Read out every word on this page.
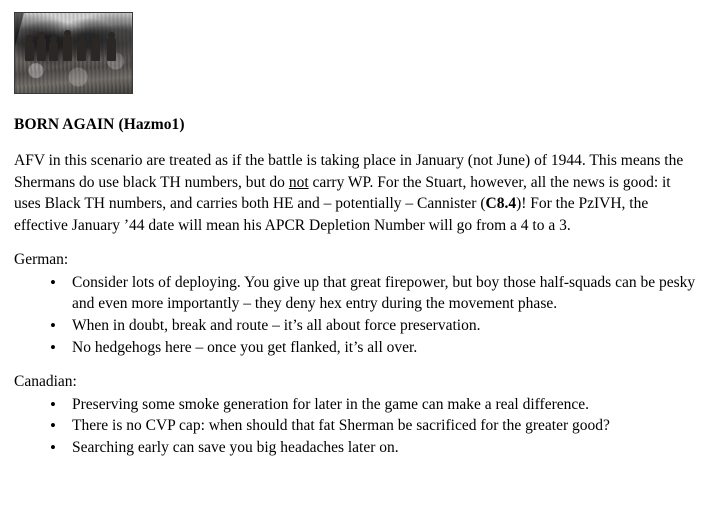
BORN AGAIN (Hazmo1)

AFV in this scenario are treated as if the battle is taking place in January (not June) of 1944. This means the Shermans do use black TH numbers, but do not carry WP. For the Stuart, however, all the news is good: it uses Black TH numbers, and carries both HE and – potentially – Cannister (C8.4)! For the PzIVH, the effective January ’44 date will mean his APCR Depletion Number will go from a 4 to a 3.

German:

• Consider lots of deploying. You give up that great firepower, but boy those half-squads can be pesky and even more importantly – they deny hex entry during the movement phase.
• When in doubt, break and route – it’s all about force preservation.
• No hedgehogs here – once you get flanked, it’s all over.

Canadian:

• Preserving some smoke generation for later in the game can make a real difference.
• There is no CVP cap: when should that fat Sherman be sacrificed for the greater good?
• Searching early can save you big headaches later on.
